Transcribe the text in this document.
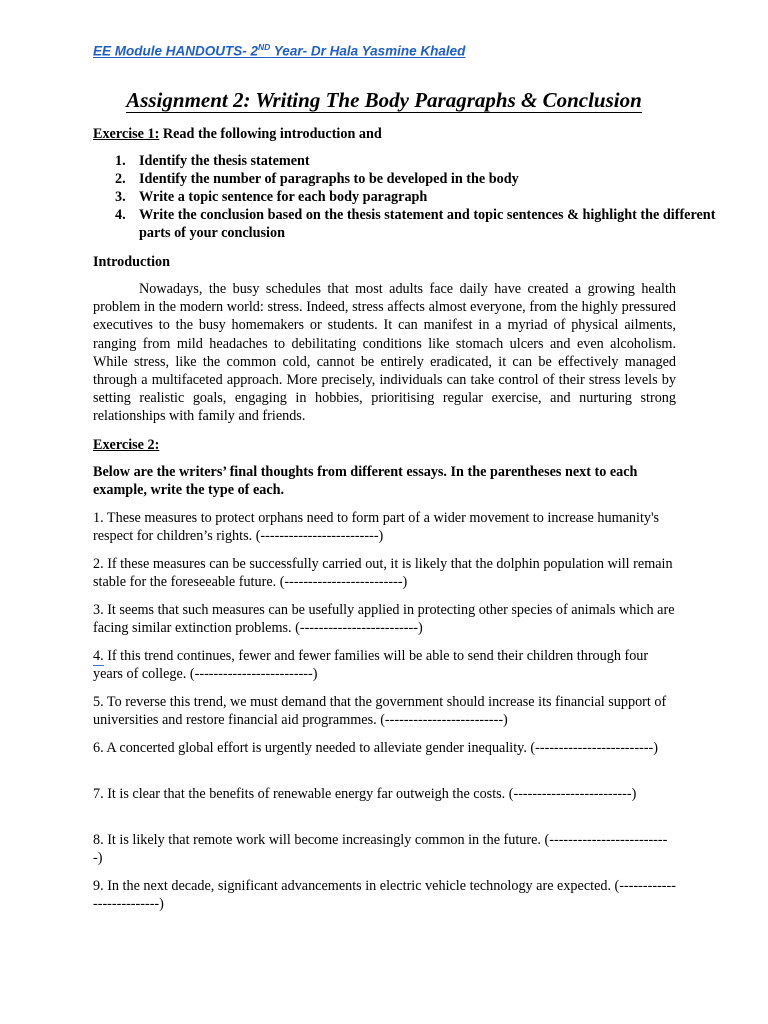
EE Module HANDOUTS- 2ND Year- Dr Hala Yasmine Khaled
Assignment 2: Writing The Body Paragraphs & Conclusion
Exercise 1: Read the following introduction and
1. Identify the thesis statement
2. Identify the number of paragraphs to be developed in the body
3. Write a topic sentence for each body paragraph
4. Write the conclusion based on the thesis statement and topic sentences & highlight the different parts of your conclusion
Introduction
Nowadays, the busy schedules that most adults face daily have created a growing health problem in the modern world: stress. Indeed, stress affects almost everyone, from the highly pressured executives to the busy homemakers or students. It can manifest in a myriad of physical ailments, ranging from mild headaches to debilitating conditions like stomach ulcers and even alcoholism. While stress, like the common cold, cannot be entirely eradicated, it can be effectively managed through a multifaceted approach. More precisely, individuals can take control of their stress levels by setting realistic goals, engaging in hobbies, prioritising regular exercise, and nurturing strong relationships with family and friends.
Exercise 2:
Below are the writers’ final thoughts from different essays. In the parentheses next to each example, write the type of each.
1. These measures to protect orphans need to form part of a wider movement to increase humanity's respect for children’s rights. (-------------------------)
2. If these measures can be successfully carried out, it is likely that the dolphin population will remain stable for the foreseeable future. (-------------------------)
3. It seems that such measures can be usefully applied in protecting other species of animals which are facing similar extinction problems. (-------------------------)
4. If this trend continues, fewer and fewer families will be able to send their children through four years of college. (-------------------------)
5. To reverse this trend, we must demand that the government should increase its financial support of universities and restore financial aid programmes. (-------------------------)
6. A concerted global effort is urgently needed to alleviate gender inequality. (-------------------------)
7. It is clear that the benefits of renewable energy far outweigh the costs. (-------------------------)
8. It is likely that remote work will become increasingly common in the future. (--------------------------)
9. In the next decade, significant advancements in electric vehicle technology are expected. (--------------------------)
